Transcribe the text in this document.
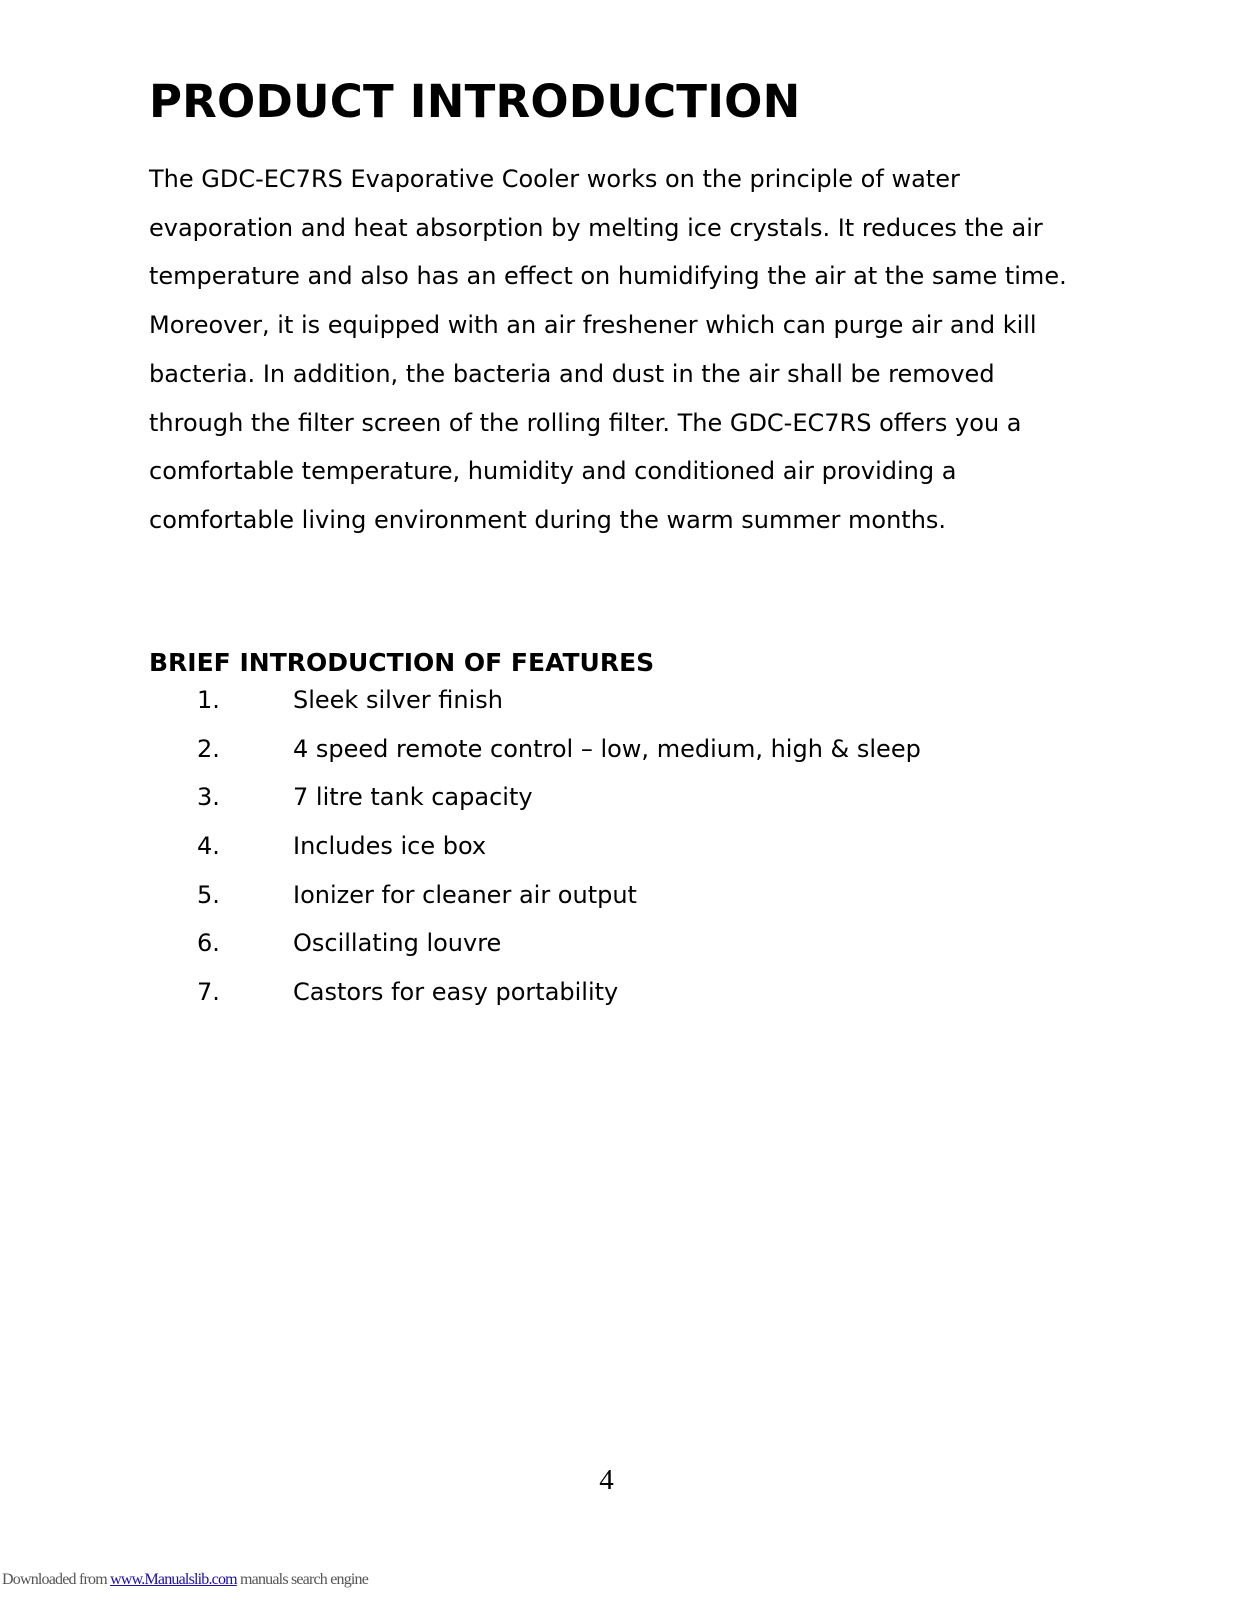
PRODUCT INTRODUCTION

The GDC-EC7RS Evaporative Cooler works on the principle of water
evaporation and heat absorption by melting ice crystals. It reduces the air
temperature and also has an effect on humidifying the air at the same time.
Moreover, it is equipped with an air freshener which can purge air and kill
bacteria. In addition, the bacteria and dust in the air shall be removed
through the filter screen of the rolling filter. The GDC-EC7RS offers you a
comfortable temperature, humidity and conditioned air providing a
comfortable living environment during the warm summer months.

BRIEF INTRODUCTION OF FEATURES
1.	Sleek silver finish
2.	4 speed remote control – low, medium, high & sleep
3.	7 litre tank capacity
4.	Includes ice box
5.	Ionizer for cleaner air output
6.	Oscillating louvre
7.	Castors for easy portability
4
Downloaded from www.Manualslib.com manuals search engine
